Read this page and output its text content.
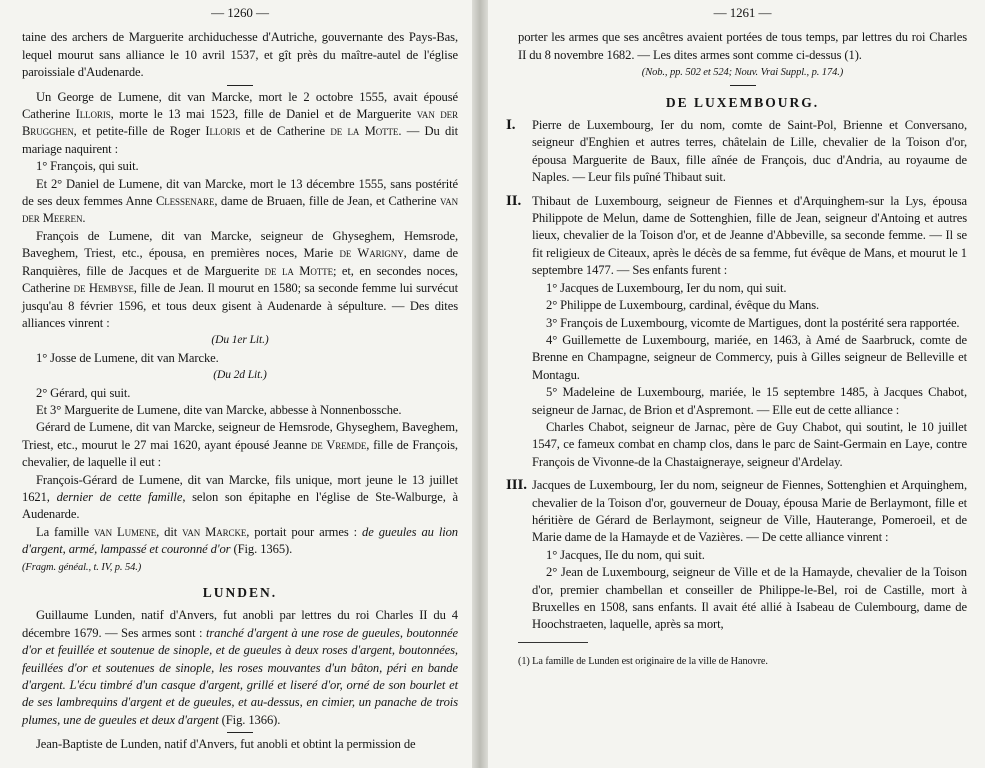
— 1260 —

taine des archers de Marguerite archiduchesse d'Autriche, gouvernante des Pays-Bas, lequel mourut sans alliance le 10 avril 1537, et gît près du maître-autel de l'église paroissiale d'Audenarde.

Un George de Lumene, dit van Marcke, mort le 2 octobre 1555, avait épousé Catherine Illoris, morte le 13 mai 1523, fille de Daniel et de Marguerite van der Brugghen, et petite-fille de Roger Illoris et de Catherine de la Motte. — Du dit mariage naquirent :

1° François, qui suit.

Et 2° Daniel de Lumene, dit van Marcke, mort le 13 décembre 1555, sans postérité de ses deux femmes Anne Clessenare, dame de Bruaen, fille de Jean, et Catherine van der Meeren.

François de Lumene, dit van Marcke, seigneur de Ghyseghem, Hemsrode, Baveghem, Triest, etc., épousa, en premières noces, Marie de Warigny, dame de Ranquières, fille de Jacques et de Marguerite de la Motte; et, en secondes noces, Catherine de Hembyse, fille de Jean. Il mourut en 1580; sa seconde femme lui survécut jusqu'au 8 février 1596, et tous deux gisent à Audenarde à sépulture. — Des dites alliances vinrent :

(Du 1er Lit.)

1° Josse de Lumene, dit van Marcke.

(Du 2d Lit.)

2° Gérard, qui suit.

Et 3° Marguerite de Lumene, dite van Marcke, abbesse à Nonnenbossche.

Gérard de Lumene, dit van Marcke, seigneur de Hemsrode, Ghyseghem, Baveghem, Triest, etc., mourut le 27 mai 1620, ayant épousé Jeanne de Vremde, fille de François, chevalier, de laquelle il eut :

François-Gérard de Lumene, dit van Marcke, fils unique, mort jeune le 13 juillet 1621, dernier de cette famille, selon son épitaphe en l'église de Ste-Walburge, à Audenarde.

La famille van Lumene, dit van Marcke, portait pour armes : de gueules au lion d'argent, armé, lampassé et couronné d'or (Fig. 1365).

(Fragm. généal., t. IV, p. 54.)

LUNDEN.

Guillaume Lunden, natif d'Anvers, fut anobli par lettres du roi Charles II du 4 décembre 1679. — Ses armes sont : tranché d'argent à une rose de gueules, boutonnée d'or et feuillée et soutenue de sinople, et de gueules à deux roses d'argent, boutonnées, feuillées d'or et soutenues de sinople, les roses mouvantes d'un bâton, péri en bande d'argent. L'écu timbré d'un casque d'argent, grillé et liseré d'or, orné de son bourlet et de ses lambrequins d'argent et de gueules, et au-dessus, en cimier, un panache de trois plumes, une de gueules et deux d'argent (Fig. 1366).

Jean-Baptiste de Lunden, natif d'Anvers, fut anobli et obtint la permission de

— 1261 —

porter les armes que ses ancêtres avaient portées de tous temps, par lettres du roi Charles II du 8 novembre 1682. — Les dites armes sont comme ci-dessus (1).

(Nob., pp. 502 et 524; Nouv. Vrai Suppl., p. 174.)

DE LUXEMBOURG.
I. Pierre de Luxembourg, Ier du nom, comte de Saint-Pol, Brienne et Conversano, seigneur d'Enghien et autres terres, châtelain de Lille, chevalier de la Toison d'or, épousa Marguerite de Baux, fille aînée de François, duc d'Andria, au royaume de Naples. — Leur fils puîné Thibaut suit.

II. Thibaut de Luxembourg, seigneur de Fiennes et d'Arquinghem-sur la Lys, épousa Philippote de Melun, dame de Sottenghien, fille de Jean, seigneur d'Antoing et autres lieux, chevalier de la Toison d'or, et de Jeanne d'Abbeville, sa seconde femme. — Il se fit religieux de Citeaux, après le décès de sa femme, fut évêque de Mans, et mourut le 1 septembre 1477. — Ses enfants furent :

1° Jacques de Luxembourg, Ier du nom, qui suit.

2° Philippe de Luxembourg, cardinal, évêque du Mans.

3° François de Luxembourg, vicomte de Martigues, dont la postérité sera rapportée.

4° Guillemette de Luxembourg, mariée, en 1463, à Amé de Saarbruck, comte de Brenne en Champagne, seigneur de Commercy, puis à Gilles seigneur de Belleville et Montagu.

5° Madeleine de Luxembourg, mariée, le 15 septembre 1485, à Jacques Chabot, seigneur de Jarnac, de Brion et d'Aspremont. — Elle eut de cette alliance :

Charles Chabot, seigneur de Jarnac, père de Guy Chabot, qui soutint, le 10 juillet 1547, ce fameux combat en champ clos, dans le parc de Saint-Germain en Laye, contre François de Vivonne-de la Chastaigneraye, seigneur d'Ardelay.

III. Jacques de Luxembourg, Ier du nom, seigneur de Fiennes, Sottenghien et Arquinghem, chevalier de la Toison d'or, gouverneur de Douay, épousa Marie de Berlaymont, fille et héritière de Gérard de Berlaymont, seigneur de Ville, Hauterange, Pomeroeil, et de Marie dame de la Hamayde et de Vazières. — De cette alliance vinrent :

1° Jacques, IIe du nom, qui suit.

2° Jean de Luxembourg, seigneur de Ville et de la Hamayde, chevalier de la Toison d'or, premier chambellan et conseiller de Philippe-le-Bel, roi de Castille, mort à Bruxelles en 1508, sans enfants. Il avait été allié à Isabeau de Culembourg, dame de Hoochstraeten, laquelle, après sa mort,

(1) La famille de Lunden est originaire de la ville de Hanovre.
